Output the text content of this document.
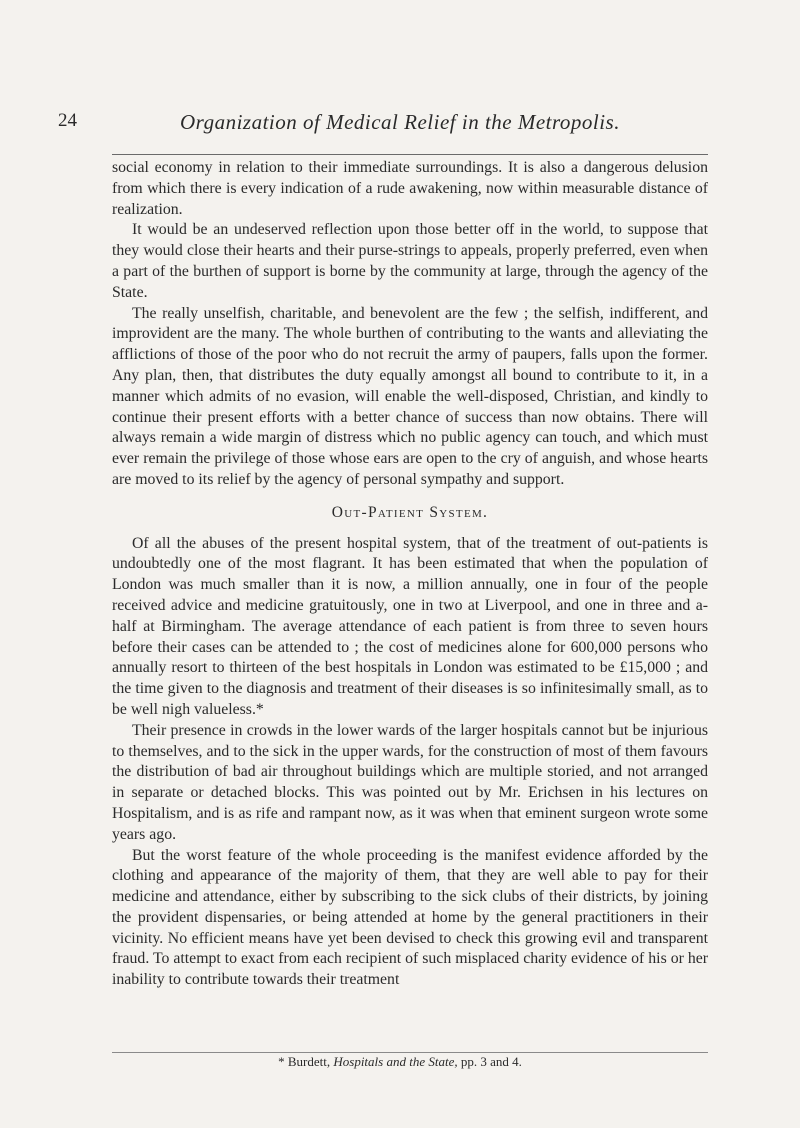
24	Organization of Medical Relief in the Metropolis.

social economy in relation to their immediate surroundings. It is also a dangerous delusion from which there is every indication of a rude awakening, now within measurable distance of realization.

It would be an undeserved reflection upon those better off in the world, to suppose that they would close their hearts and their purse-strings to appeals, properly preferred, even when a part of the burthen of support is borne by the community at large, through the agency of the State.

The really unselfish, charitable, and benevolent are the few ; the selfish, indifferent, and improvident are the many. The whole burthen of contributing to the wants and alleviating the afflictions of those of the poor who do not recruit the army of paupers, falls upon the former. Any plan, then, that distributes the duty equally amongst all bound to contribute to it, in a manner which admits of no evasion, will enable the well-disposed, Christian, and kindly to continue their present efforts with a better chance of success than now obtains. There will always remain a wide margin of distress which no public agency can touch, and which must ever remain the privilege of those whose ears are open to the cry of anguish, and whose hearts are moved to its relief by the agency of personal sympathy and support.

Out-Patient System.

Of all the abuses of the present hospital system, that of the treatment of out-patients is undoubtedly one of the most flagrant. It has been estimated that when the population of London was much smaller than it is now, a million annually, one in four of the people received advice and medicine gratuitously, one in two at Liverpool, and one in three and a-half at Birmingham. The average attendance of each patient is from three to seven hours before their cases can be attended to ; the cost of medicines alone for 600,000 persons who annually resort to thirteen of the best hospitals in London was estimated to be £15,000 ; and the time given to the diagnosis and treatment of their diseases is so infinitesimally small, as to be well nigh valueless.*

Their presence in crowds in the lower wards of the larger hospitals cannot but be injurious to themselves, and to the sick in the upper wards, for the construction of most of them favours the distribution of bad air throughout buildings which are multiple storied, and not arranged in separate or detached blocks. This was pointed out by Mr. Erichsen in his lectures on Hospitalism, and is as rife and rampant now, as it was when that eminent surgeon wrote some years ago.

But the worst feature of the whole proceeding is the manifest evidence afforded by the clothing and appearance of the majority of them, that they are well able to pay for their medicine and attendance, either by subscribing to the sick clubs of their districts, by joining the provident dispensaries, or being attended at home by the general practitioners in their vicinity. No efficient means have yet been devised to check this growing evil and transparent fraud. To attempt to exact from each recipient of such misplaced charity evidence of his or her inability to contribute towards their treatment

* Burdett, Hospitals and the State, pp. 3 and 4.
